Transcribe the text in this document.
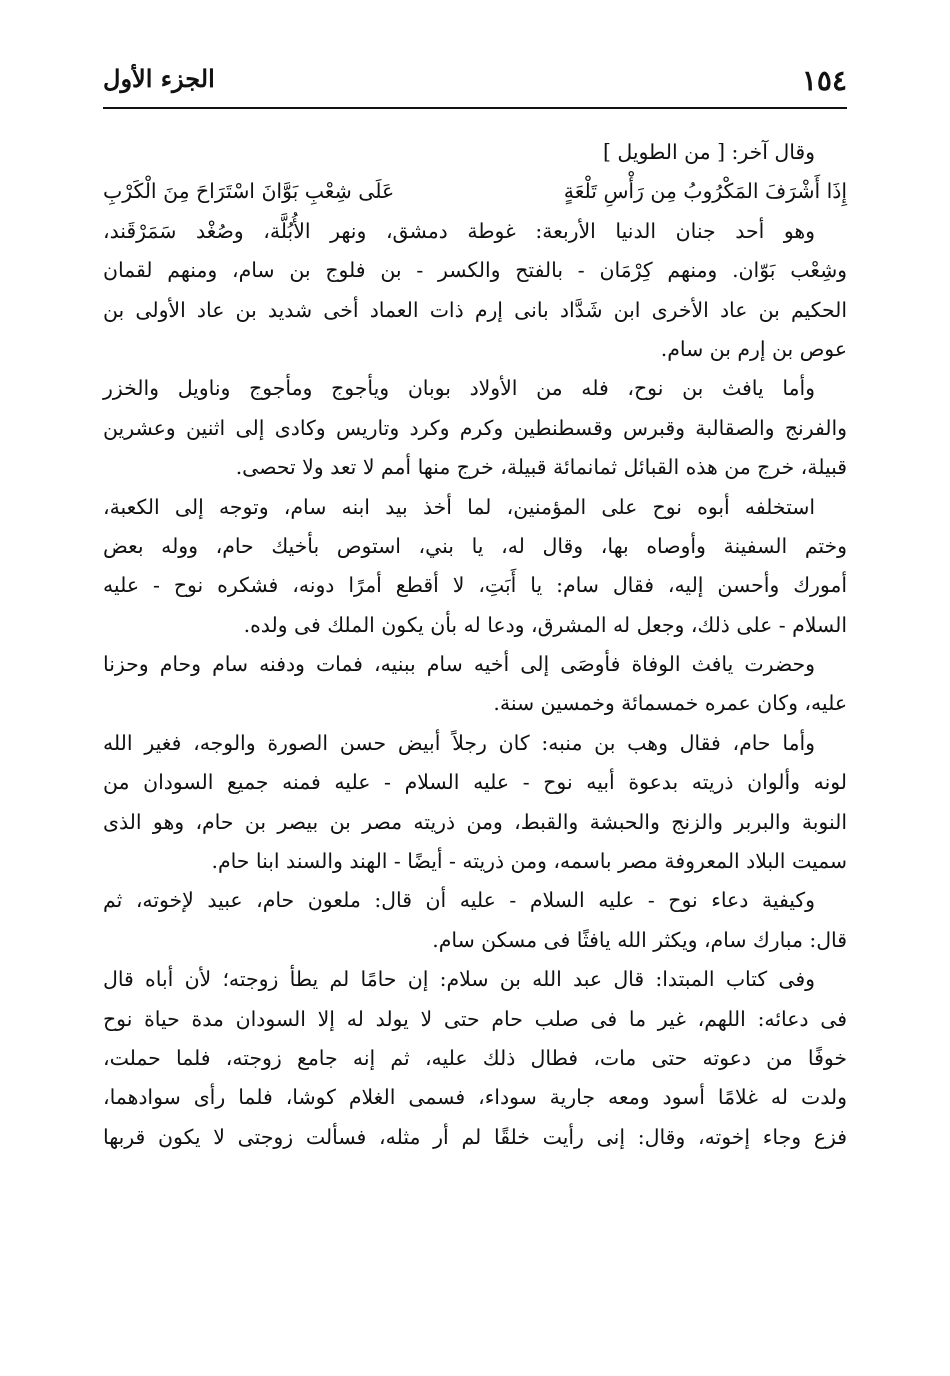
١٥٤
الجزء الأول
وقال آخر: [ من الطويل ]
إِذَا أَشْرَفَ المَكْرُوبُ مِن رَأْسِ تَلْعَةٍ
عَلَى شِعْبِ بَوَّانَ اسْتَرَاحَ مِنَ الْكَرْبِ
وهو أحد جنان الدنيا الأربعة: غوطة دمشق، ونهر الأُبُلَّة، وصُغْد سَمَرْقَند،
وشِعْب بَوّان. ومنهم كِرْمَان - بالفتح والكسر - بن فلوج بن سام، ومنهم لقمان
الحكيم بن عاد الأخرى ابن شَدَّاد بانى إرم ذات العماد أخى شديد بن عاد الأولى بن
عوص بن إرم بن سام.
وأما يافث بن نوح، فله من الأولاد بوبان ويأجوج ومأجوج وناويل والخزر
والفرنج والصقالبة وقبرس وقسطنطين وكرم وكرد وتاريس وكادى إلى اثنين وعشرين
قبيلة، خرج من هذه القبائل ثمانمائة قبيلة، خرج منها أمم لا تعد ولا تحصى.
استخلفه أبوه نوح على المؤمنين، لما أخذ بيد ابنه سام، وتوجه إلى الكعبة،
وختم السفينة وأوصاه بها، وقال له، يا بني، استوص بأخيك حام، ووله بعض
أمورك وأحسن إليه، فقال سام: يا أَبَتِ، لا أقطع أمرًا دونه، فشكره نوح - عليه
السلام - على ذلك، وجعل له المشرق، ودعا له بأن يكون الملك فى ولده.
وحضرت يافث الوفاة فأوصَى إلى أخيه سام ببنيه، فمات ودفنه سام وحام وحزنا
عليه، وكان عمره خمسمائة وخمسين سنة.
وأما حام، فقال وهب بن منبه: كان رجلاً أبيض حسن الصورة والوجه، فغير الله
لونه وألوان ذريته بدعوة أبيه نوح - عليه السلام - عليه فمنه جميع السودان من
النوبة والبربر والزنج والحبشة والقبط، ومن ذريته مصر بن بيصر بن حام، وهو الذى
سميت البلاد المعروفة مصر باسمه، ومن ذريته - أيضًا - الهند والسند ابنا حام.
وكيفية دعاء نوح - عليه السلام - عليه أن قال: ملعون حام، عبيد لإخوته، ثم
قال: مبارك سام، ويكثر الله يافثًا فى مسكن سام.
وفى كتاب المبتدا: قال عبد الله بن سلام: إن حامًا لم يطأ زوجته؛ لأن أباه قال
فى دعائه: اللهم، غير ما فى صلب حام حتى لا يولد له إلا السودان مدة حياة نوح
خوفًا من دعوته حتى مات، فطال ذلك عليه، ثم إنه جامع زوجته، فلما حملت،
ولدت له غلامًا أسود ومعه جارية سوداء، فسمى الغلام كوشا، فلما رأى سوادهما،
فزع وجاء إخوته، وقال: إنى رأيت خلقًا لم أر مثله، فسألت زوجتى لا يكون قربها
